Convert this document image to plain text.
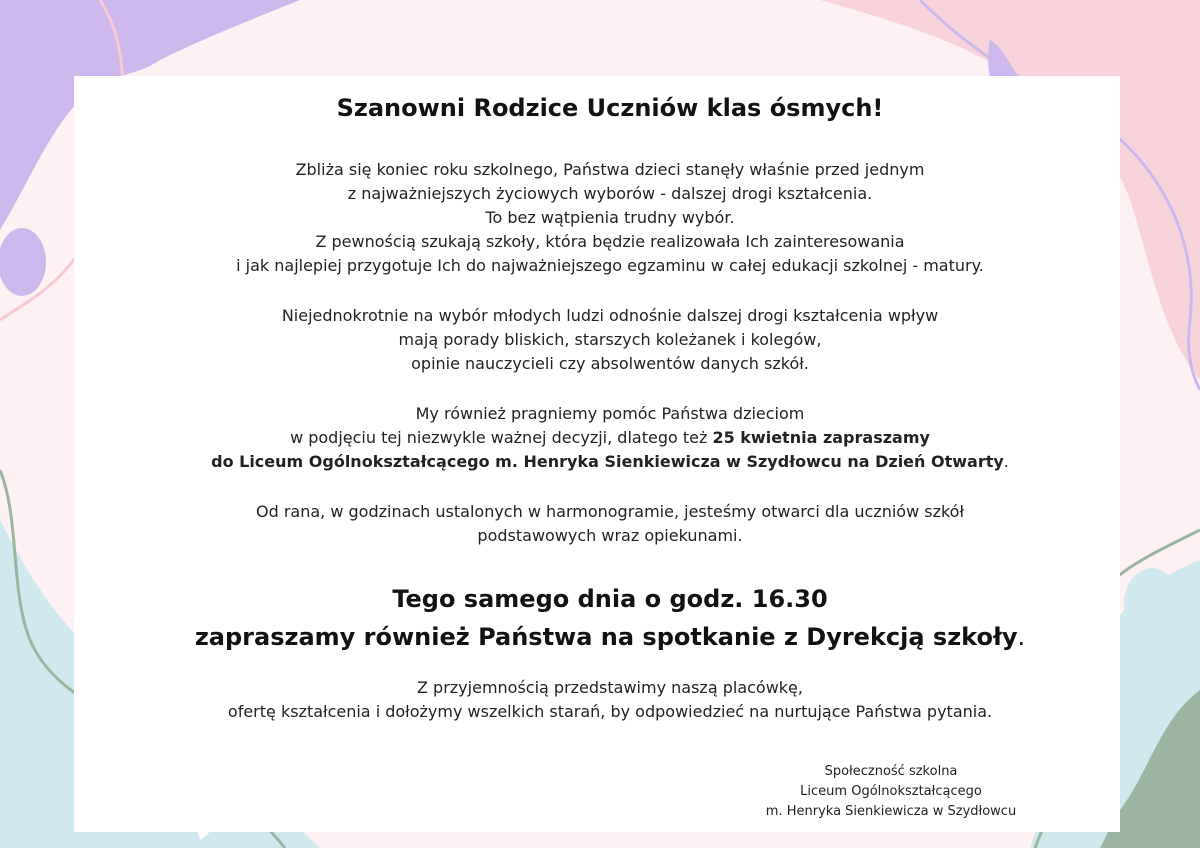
Szanowni Rodzice Uczniów klas ósmych!

Zbliża się koniec roku szkolnego, Państwa dzieci stanęły właśnie przed jednym
z najważniejszych życiowych wyborów - dalszej drogi kształcenia.
To bez wątpienia trudny wybór.
Z pewnością szukają szkoły, która będzie realizowała Ich zainteresowania
i jak najlepiej przygotuje Ich do najważniejszego egzaminu w całej edukacji szkolnej - matury.

Niejednokrotnie na wybór młodych ludzi odnośnie dalszej drogi kształcenia wpływ
mają porady bliskich, starszych koleżanek i kolegów,
opinie nauczycieli czy absolwentów danych szkół.

My również pragniemy pomóc Państwa dzieciom
w podjęciu tej niezwykle ważnej decyzji, dlatego też 25 kwietnia zapraszamy
do Liceum Ogólnokształcącego m. Henryka Sienkiewicza w Szydłowcu na Dzień Otwarty.

Od rana, w godzinach ustalonych w harmonogramie, jesteśmy otwarci dla uczniów szkół
podstawowych wraz opiekunami.

Tego samego dnia o godz. 16.30
zapraszamy również Państwa na spotkanie z Dyrekcją szkoły.

Z przyjemnością przedstawimy naszą placówkę,
ofertę kształcenia i dołożymy wszelkich starań, by odpowiedzieć na nurtujące Państwa pytania.

Społeczność szkolna
Liceum Ogólnokształcącego
m. Henryka Sienkiewicza w Szydłowcu
